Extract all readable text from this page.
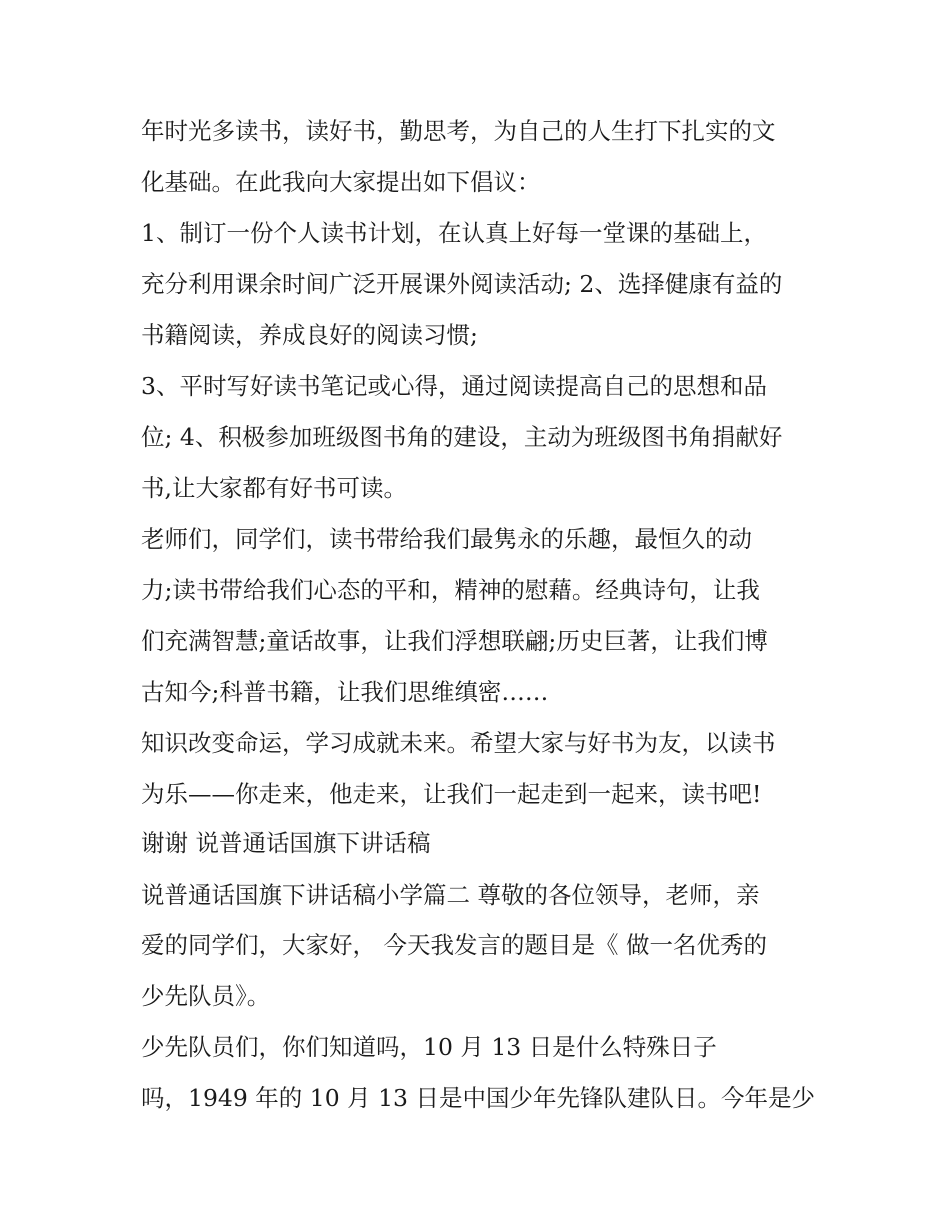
年时光多读书，读好书，勤思考，为自己的人生打下扎实的文
化基础。在此我向大家提出如下倡议：
1、制订一份个人读书计划，在认真上好每一堂课的基础上，
充分利用课余时间广泛开展课外阅读活动; 2、选择健康有益的
书籍阅读，养成良好的阅读习惯;
3、平时写好读书笔记或心得，通过阅读提高自己的思想和品
位; 4、积极参加班级图书角的建设，主动为班级图书角捐献好
书,让大家都有好书可读。
老师们，同学们，读书带给我们最隽永的乐趣，最恒久的动
力;读书带给我们心态的平和，精神的慰藉。经典诗句，让我
们充满智慧;童话故事，让我们浮想联翩;历史巨著，让我们博
古知今;科普书籍，让我们思维缜密……
知识改变命运，学习成就未来。希望大家与好书为友，以读书
为乐——你走来，他走来，让我们一起走到一起来，读书吧!
谢谢 说普通话国旗下讲话稿
说普通话国旗下讲话稿小学篇二 尊敬的各位领导，老师，亲
爱的同学们，大家好， 今天我发言的题目是《 做一名优秀的
少先队员》。
少先队员们，你们知道吗，10 月 13 日是什么特殊日子
吗，1949 年的 10 月 13 日是中国少年先锋队建队日。今年是少
